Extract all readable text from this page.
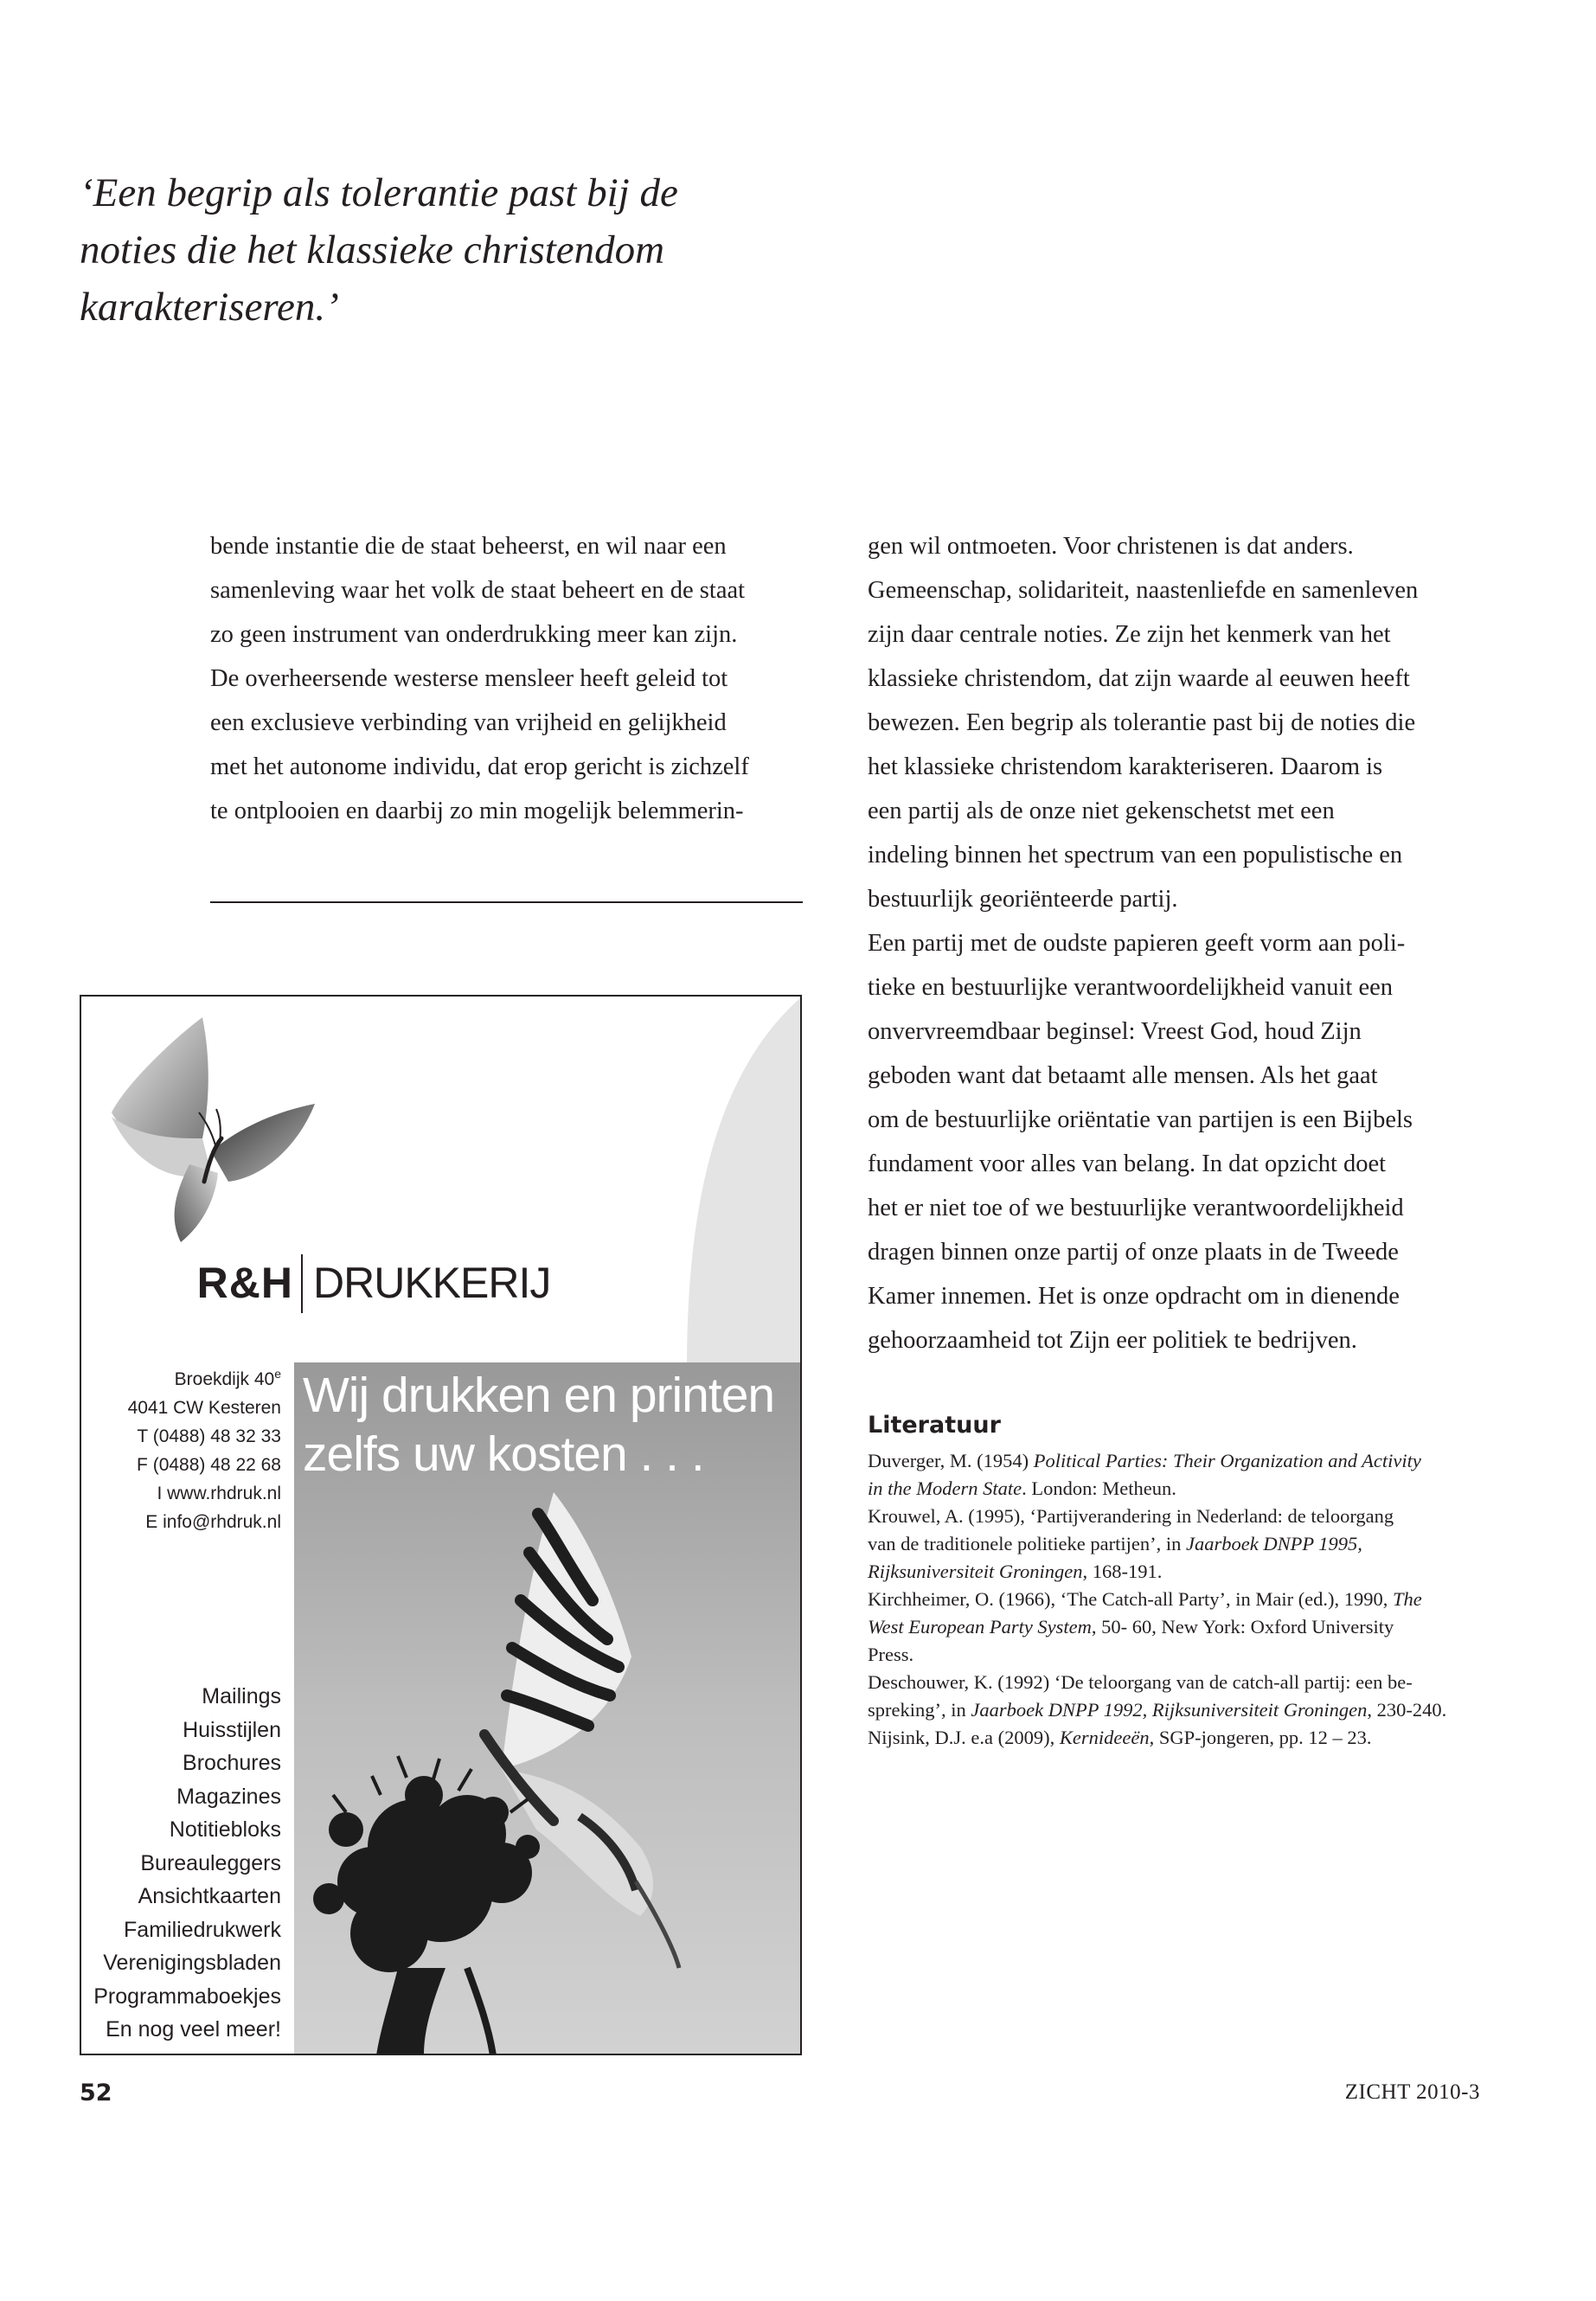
‘Een begrip als tolerantie past bij de
noties die het klassieke christendom
karakteriseren.’
bende instantie die de staat beheerst, en wil naar een
samenleving waar het volk de staat beheert en de staat
zo geen instrument van onderdrukking meer kan zijn.
De overheersende westerse mensleer heeft geleid tot
een exclusieve verbinding van vrijheid en gelijkheid
met het autonome individu, dat erop gericht is zichzelf
te ontplooien en daarbij zo min mogelijk belemmerin-
gen wil ontmoeten. Voor christenen is dat anders.
Gemeenschap, solidariteit, naastenliefde en samenleven
zijn daar centrale noties. Ze zijn het kenmerk van het
klassieke christendom, dat zijn waarde al eeuwen heeft
bewezen. Een begrip als tolerantie past bij de noties die
het klassieke christendom karakteriseren. Daarom is
een partij als de onze niet gekenschetst met een
indeling binnen het spectrum van een populistische en
bestuurlijk georiënteerde partij.
Een partij met de oudste papieren geeft vorm aan poli-
tieke en bestuurlijke verantwoordelijkheid vanuit een
onvervreemdbaar beginsel: Vreest God, houd Zijn
geboden want dat betaamt alle mensen. Als het gaat
om de bestuurlijke oriëntatie van partijen is een Bijbels
fundament voor alles van belang. In dat opzicht doet
het er niet toe of we bestuurlijke verantwoordelijkheid
dragen binnen onze partij of onze plaats in de Tweede
Kamer innemen. Het is onze opdracht om in dienende
gehoorzaamheid tot Zijn eer politiek te bedrijven.
R&H DRUKKERIJ
Broekdijk 40e
4041 CW Kesteren
T (0488) 48 32 33
F (0488) 48 22 68
I www.rhdruk.nl
E info@rhdruk.nl
Mailings
Huisstijlen
Brochures
Magazines
Notitiebloks
Bureauleggers
Ansichtkaarten
Familiedrukwerk
Verenigingsbladen
Programmaboekjes
En nog veel meer!
Wij drukken en printen
zelfs uw kosten . . .
Literatuur
Duverger, M. (1954) Political Parties: Their Organization and Activity
in the Modern State. London: Metheun.
Krouwel, A. (1995), ‘Partijverandering in Nederland: de teloorgang
van de traditionele politieke partijen’, in Jaarboek DNPP 1995,
Rijksuniversiteit Groningen, 168-191.
Kirchheimer, O. (1966), ‘The Catch-all Party’, in Mair (ed.), 1990, The
West European Party System, 50- 60, New York: Oxford University
Press.
Deschouwer, K. (1992) ‘De teloorgang van de catch-all partij: een be-
spreking’, in Jaarboek DNPP 1992, Rijksuniversiteit Groningen, 230-240.
Nijsink, D.J. e.a (2009), Kernideeën, SGP-jongeren, pp. 12 – 23.
52	ZICHT 2010-3
